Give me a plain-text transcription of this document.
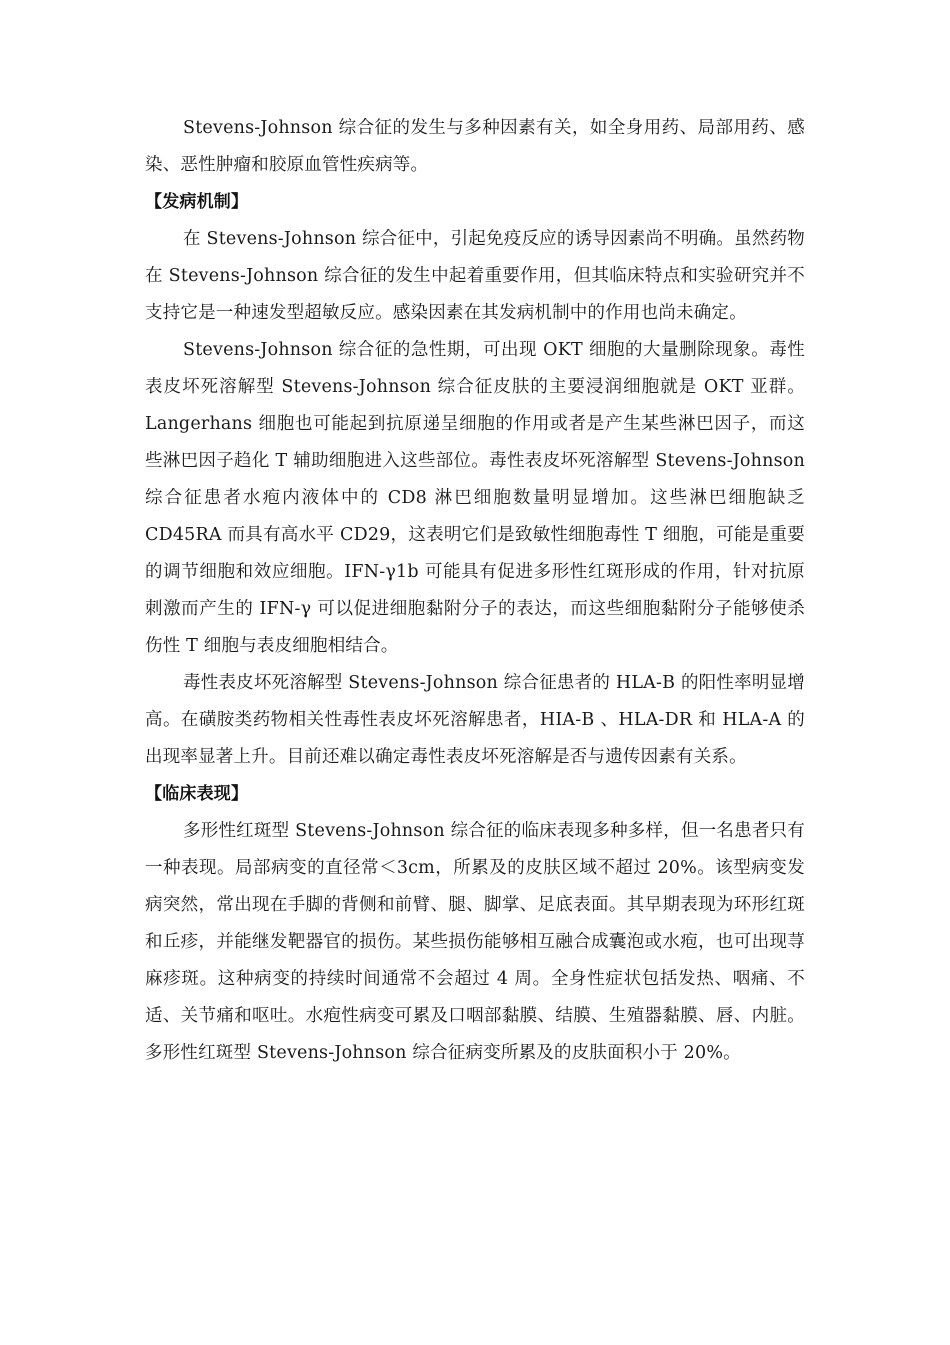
Stevens-Johnson 综合征的发生与多种因素有关，如全身用药、局部用药、感染、恶性肿瘤和胶原血管性疾病等。

【发病机制】

在 Stevens-Johnson 综合征中，引起免疫反应的诱导因素尚不明确。虽然药物在 Stevens-Johnson 综合征的发生中起着重要作用，但其临床特点和实验研究并不支持它是一种速发型超敏反应。感染因素在其发病机制中的作用也尚未确定。

Stevens-Johnson 综合征的急性期，可出现 OKT 细胞的大量删除现象。毒性表皮坏死溶解型 Stevens-Johnson 综合征皮肤的主要浸润细胞就是 OKT 亚群。Langerhans 细胞也可能起到抗原递呈细胞的作用或者是产生某些淋巴因子，而这些淋巴因子趋化 T 辅助细胞进入这些部位。毒性表皮坏死溶解型 Stevens-Johnson 综合征患者水疱内液体中的 CD8 淋巴细胞数量明显增加。这些淋巴细胞缺乏 CD45RA 而具有高水平 CD29，这表明它们是致敏性细胞毒性 T 细胞，可能是重要的调节细胞和效应细胞。IFN-γ1b 可能具有促进多形性红斑形成的作用，针对抗原刺激而产生的 IFN-γ 可以促进细胞黏附分子的表达，而这些细胞黏附分子能够使杀伤性 T 细胞与表皮细胞相结合。

毒性表皮坏死溶解型 Stevens-Johnson 综合征患者的 HLA-B 的阳性率明显增高。在磺胺类药物相关性毒性表皮坏死溶解患者，HIA-B 、HLA-DR 和 HLA-A 的出现率显著上升。目前还难以确定毒性表皮坏死溶解是否与遗传因素有关系。

【临床表现】

多形性红斑型 Stevens-Johnson 综合征的临床表现多种多样，但一名患者只有一种表现。局部病变的直径常＜3cm，所累及的皮肤区域不超过 20%。该型病变发病突然，常出现在手脚的背侧和前臂、腿、脚掌、足底表面。其早期表现为环形红斑和丘疹，并能继发靶器官的损伤。某些损伤能够相互融合成囊泡或水疱，也可出现荨麻疹斑。这种病变的持续时间通常不会超过 4 周。全身性症状包括发热、咽痛、不适、关节痛和呕吐。水疱性病变可累及口咽部黏膜、结膜、生殖器黏膜、唇、内脏。多形性红斑型 Stevens-Johnson 综合征病变所累及的皮肤面积小于 20%。
